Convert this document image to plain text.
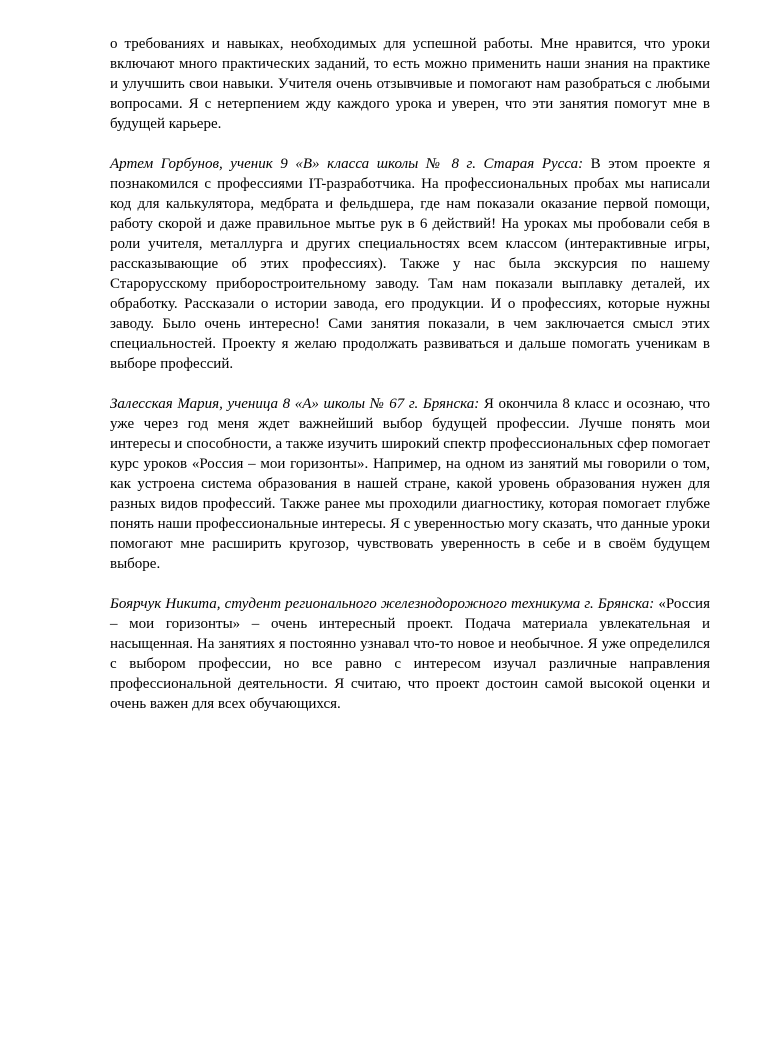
о требованиях и навыках, необходимых для успешной работы. Мне нравится, что уроки включают много практических заданий, то есть можно применить наши знания на практике и улучшить свои навыки. Учителя очень отзывчивые и помогают нам разобраться с любыми вопросами. Я с нетерпением жду каждого урока и уверен, что эти занятия помогут мне в будущей карьере.

Артем Горбунов, ученик 9 «В» класса школы № 8 г. Старая Русса: В этом проекте я познакомился с профессиями IT-разработчика. На профессиональных пробах мы написали код для калькулятора, медбрата и фельдшера, где нам показали оказание первой помощи, работу скорой и даже правильное мытье рук в 6 действий! На уроках мы пробовали себя в роли учителя, металлурга и других специальностях всем классом (интерактивные игры, рассказывающие об этих профессиях). Также у нас была экскурсия по нашему Старорусскому приборостроительному заводу. Там нам показали выплавку деталей, их обработку. Рассказали о истории завода, его продукции. И о профессиях, которые нужны заводу. Было очень интересно! Сами занятия показали, в чем заключается смысл этих специальностей. Проекту я желаю продолжать развиваться и дальше помогать ученикам в выборе профессий.

Залесская Мария, ученица 8 «А» школы № 67 г. Брянска: Я окончила 8 класс и осознаю, что уже через год меня ждет важнейший выбор будущей профессии. Лучше понять мои интересы и способности, а также изучить широкий спектр профессиональных сфер помогает курс уроков «Россия – мои горизонты». Например, на одном из занятий мы говорили о том, как устроена система образования в нашей стране, какой уровень образования нужен для разных видов профессий. Также ранее мы проходили диагностику, которая помогает глубже понять наши профессиональные интересы. Я с уверенностью могу сказать, что данные уроки помогают мне расширить кругозор, чувствовать уверенность в себе и в своём будущем выборе.

Боярчук Никита, студент регионального железнодорожного техникума г. Брянска: «Россия – мои горизонты» – очень интересный проект. Подача материала увлекательная и насыщенная. На занятиях я постоянно узнавал что-то новое и необычное. Я уже определился с выбором профессии, но все равно с интересом изучал различные направления профессиональной деятельности. Я считаю, что проект достоин самой высокой оценки и очень важен для всех обучающихся.
